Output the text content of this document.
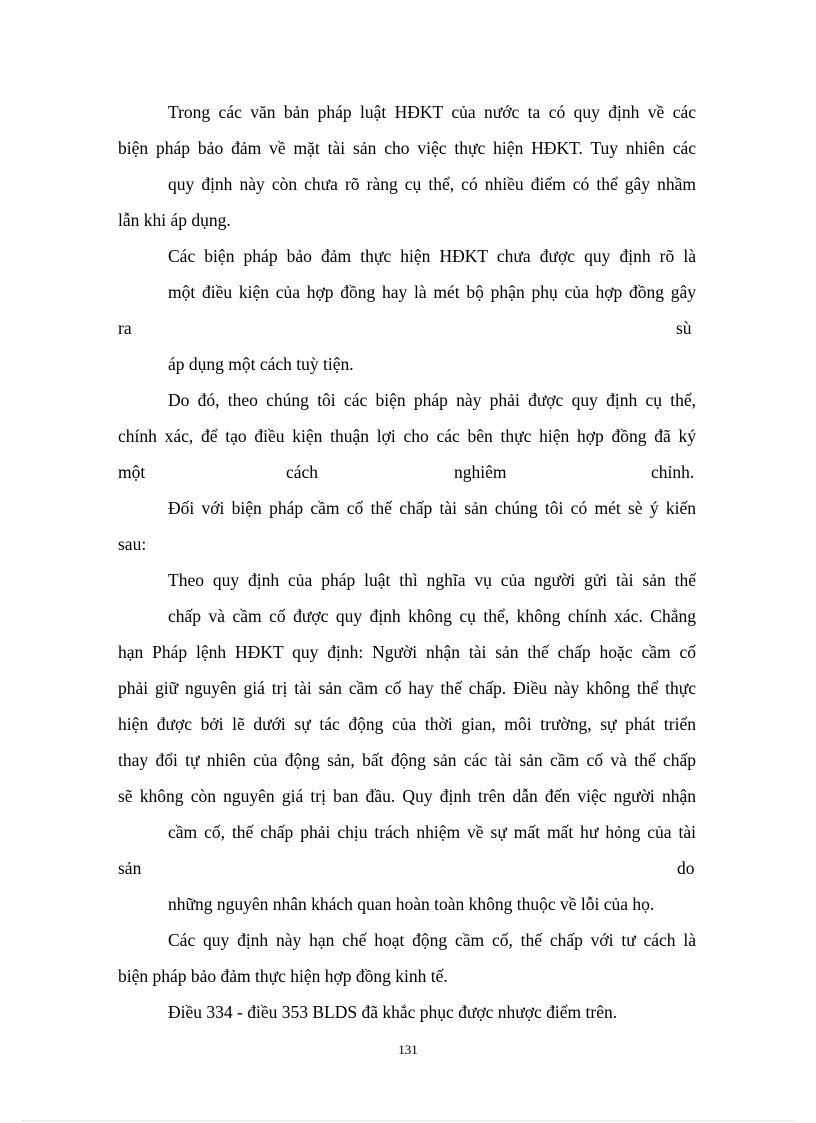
Trong các văn bản pháp luật HĐKT của nước ta có quy định về các
biện pháp bảo đảm về mặt tài sản cho việc thực hiện HĐKT. Tuy nhiên các
quy định này còn chưa rõ ràng cụ thể, có nhiều điểm có thể gây nhầm
lẫn khi áp dụng.
Các biện pháp bảo đảm thực hiện HĐKT chưa được quy định rõ là
một điều kiện của hợp đồng hay là mét bộ phận phụ của hợp đồng gây
ra	sù
áp dụng một cách tuỳ tiện.
Do đó, theo chúng tôi các biện pháp này phải được quy định cụ thể,
chính xác, để tạo điều kiện thuận lợi cho các bên thực hiện hợp đồng đã ký
một	cách	nghiêm	chỉnh.
Đối với biện pháp cầm cố thế chấp tài sản chúng tôi có mét sè ý kiến
sau:
Theo quy định của pháp luật thì nghĩa vụ của người gửi tài sản thế
chấp và cầm cố được quy định không cụ thể, không chính xác. Chẳng
hạn Pháp lệnh HĐKT quy định: Người nhận tài sản thế chấp hoặc cầm cố
phải giữ nguyên giá trị tài sản cầm cố hay thế chấp. Điều này không thể thực
hiện được bởi lẽ dưới sự tác động của thời gian, môi trường, sự phát triển
thay đổi tự nhiên của động sản, bất động sản các tài sản cầm cố và thế chấp
sẽ không còn nguyên giá trị ban đầu. Quy định trên dẫn đến việc người nhận
cầm cố, thế chấp phải chịu trách nhiệm về sự mất mất hư hỏng của tài
sản	do
những nguyên nhân khách quan hoàn toàn không thuộc về lỗi của họ.
Các quy định này hạn chế hoạt động cầm cố, thế chấp với tư cách là
biện pháp bảo đảm thực hiện hợp đồng kinh tế.
Điều 334 - điều 353 BLDS đã khắc phục được nhược điểm trên.
131
